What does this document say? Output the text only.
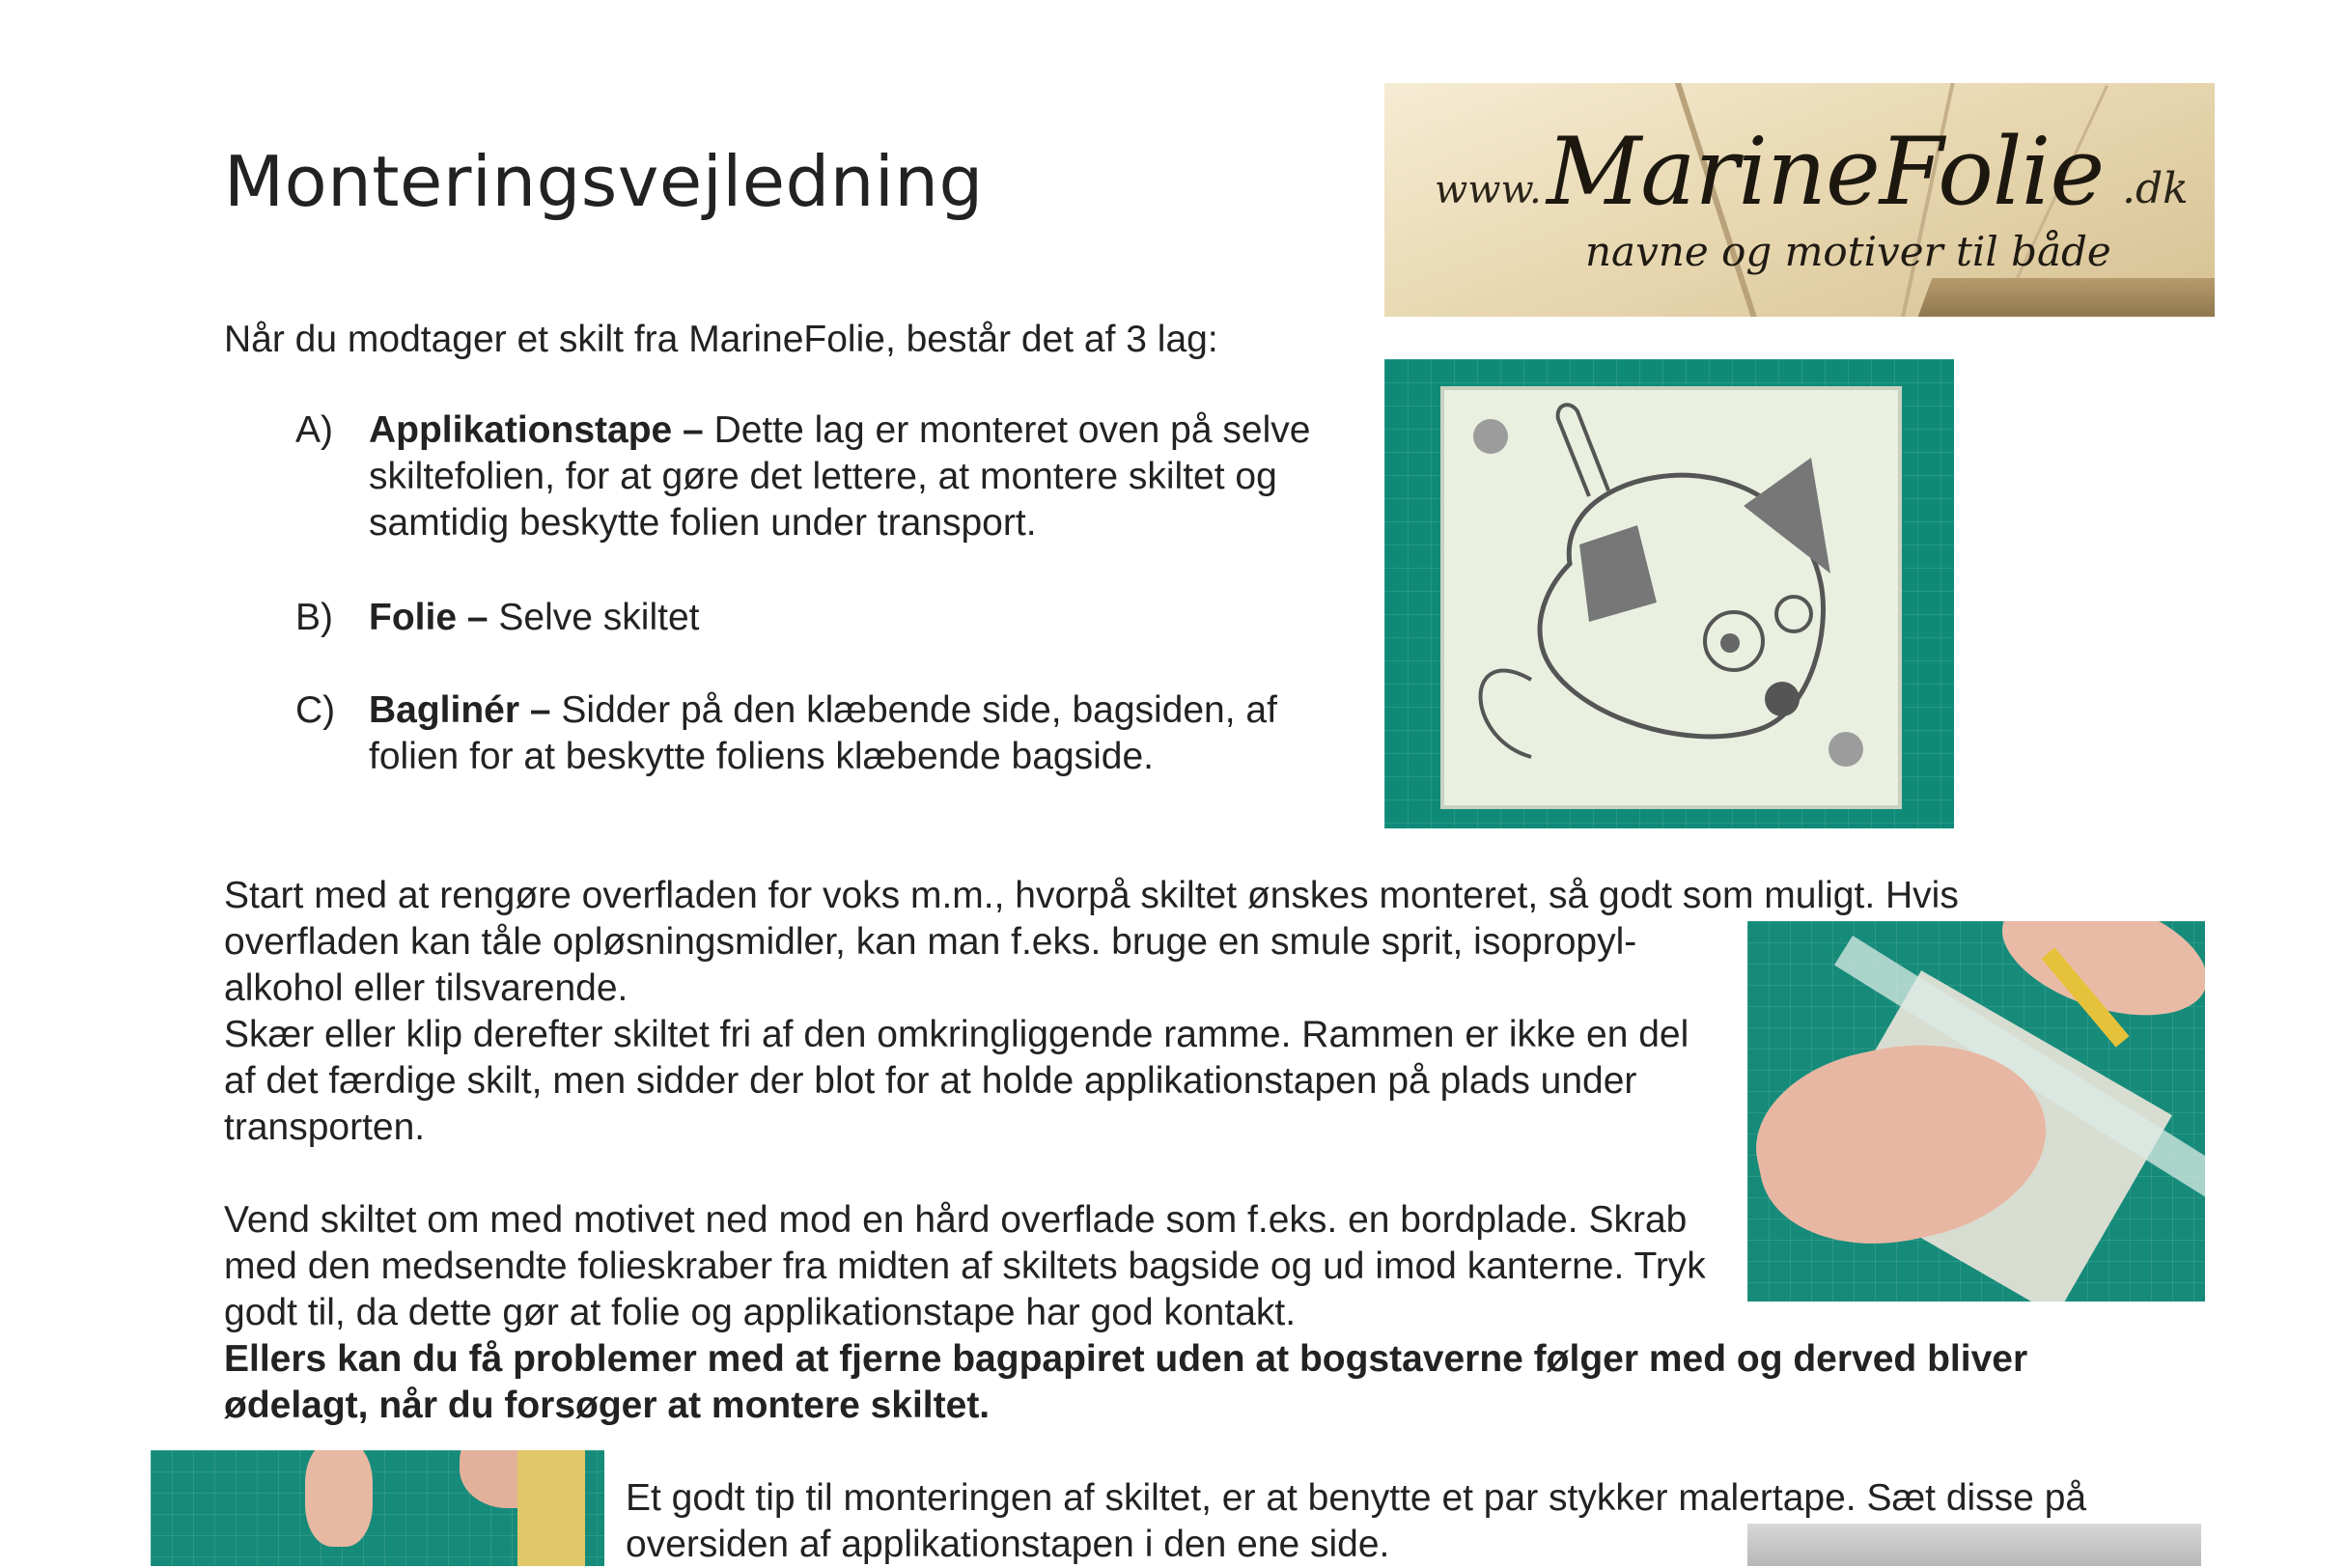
Monteringsvejledning	www. MarineFolie .dk
navne og motiver til både
Når du modtager et skilt fra MarineFolie, består det af 3 lag:
A) Applikationstape – Dette lag er monteret oven på selve skiltefolien, for at gøre det lettere, at montere skiltet og samtidig beskytte folien under transport.
B) Folie – Selve skiltet
C) Baglinér – Sidder på den klæbende side, bagsiden, af folien for at beskytte foliens klæbende bagside.
Start med at rengøre overfladen for voks m.m., hvorpå skiltet ønskes monteret, så godt som muligt. Hvis
overfladen kan tåle opløsningsmidler, kan man f.eks. bruge en smule sprit, isopropyl-alkohol eller tilsvarende.
Skær eller klip derefter skiltet fri af den omkringliggende ramme. Rammen er ikke en del af det færdige skilt, men sidder der blot for at holde applikationstapen på plads under transporten.
Vend skiltet om med motivet ned mod en hård overflade som f.eks. en bordplade. Skrab med den medsendte folieskraber fra midten af skiltets bagside og ud imod kanterne. Tryk godt til, da dette gør at folie og applikationstape har god kontakt.
Ellers kan du få problemer med at fjerne bagpapiret uden at bogstaverne følger med og derved bliver ødelagt, når du forsøger at montere skiltet.
Et godt tip til monteringen af skiltet, er at benytte et par stykker malertape. Sæt disse på oversiden af applikationstapen i den ene side.
